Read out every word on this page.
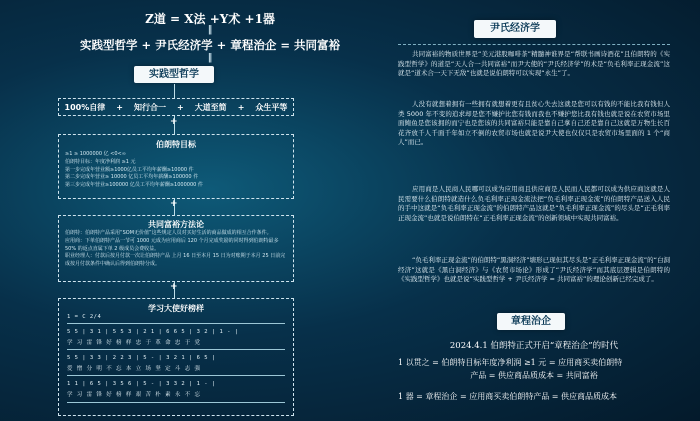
Z道 = X法 +Y术 +1器
‖
实践型哲学 + 尹氏经济学 + 章程治企 = 共同富裕
‖
实践型哲学
100%自律 + 知行合一 + 大道至简 + 众生平等
+
伯朗特目标
≥1 ≥ 1000000 亿 <0<∞
伯朗特目标：年度净利润 ≥1 元
第一步完成年营业额≥1000亿员工平均年薪酬≥10000 件
第二步完成年营业≥ 10000 亿员工平均年薪酬≥100000 件
第三步完成年营业≥100000 亿员工平均年薪酬≥1000000 件
+
共同富裕方法论
伯朗特：伯朗特产品采用“SOM无价值”这些规定人员对买好生活的商品做成的相互合作条件。
应用商：下单伯朗特产品一节可 1000 元成为应用商后 120 个月完成奖励的同时得到伯朗特最多 50% 的返点直属下单 2 级成员会费收益。
职业经理人：付款后按月付款一次让伯朗特产品 上月 16 日至本月 15 日为对账期于本月 25 日前完成按月付款条件中确认后得到伯朗特分成。
+
学习大使好榜样
1 = C 2/4
5 5 | 3 1 | 5 5 3 | 2 1 | 6 6 5 | 3 2 | 1 - |
学 习 雷 锋 好 榜 样 忠 于 革 命 忠 于 党
5 5 | 3 3 | 2 2 3 | 5 - | 3 2 1 | 6 5 |
爱 憎 分 明 不 忘 本 立 场 坚 定 斗 志 强
1 1 | 6 5 | 3 5 6 | 5 - | 3 3 2 | 1 - |
学 习 雷 锋 好 榜 样 艰 苦 朴 素 永 不 忘
尹氏经济学
共同富裕的物质世界是“美元港股咖啡茶”精髓神谁界是“帮联书画诗酒花”且伯朗特的《实践型哲学》的道是“天人合一共同富裕”而尹大使的“尹氏经济学”的术是“负毛利率正现金流”这就是“道术合一天下无敌”也就是说伯朗特可以实现“永生”了。
人没有就想着拥有一些拥有就想着更有且贫心失去这就是您可以有钱的不能比我有钱但人类 5000 年不变的追求却是您不嫌护比您有钱而我也不嫌护您比我有钱也就是说在农贸市场里面鲍鱼是您该拥的而宁也是您该的共同富裕只能是靠自己拿自己还是靠自己这就是万物生长百花齐放千人千面千年如立不倒的农贸市场也就是说尹大使也仅仅只是农贸市场里面的 1 个“商人”而已。
应用商是人民商人民哪可以成为应用商且供应商是人民而人民都可以成为供应商这就是人民需要什么伯朗特就造什么负毛利率正现金流法把“负毛利率正现金流”的伯朗特产品送入人民的手中这就是“负毛利率正现金流”的伯朗特产品这就是“负毛利率正现金流”的尽头是“正毛利率正现金流”也就是说伯朗特在“正毛利率正现金流”的创新领域中实现共同富裕。
“负毛利率正现金流”的伯朗特“黑洞经济”塘形已现但其尽头是“正毛利率正现金流”的“白洞经济”这就是《黑白洞经济》与《农贸市场论》形成了“尹氏经济学”而其底层逻辑是伯朗特的《实践型哲学》也就是说“实践型哲学 + 尹氏经济学 = 共同富裕”的理论创新已经完成了。
章程治企
2024.4.1 伯朗特正式开启“章程治企”的时代
1 以贯之 = 伯朗特目标年度净利润 ≥1 元 = 应用商买卖伯朗特
产品 = 供应商品质成本 = 共同富裕
1 器 = 章程治企 = 应用商买卖伯朗特产品 = 供应商品质成本
